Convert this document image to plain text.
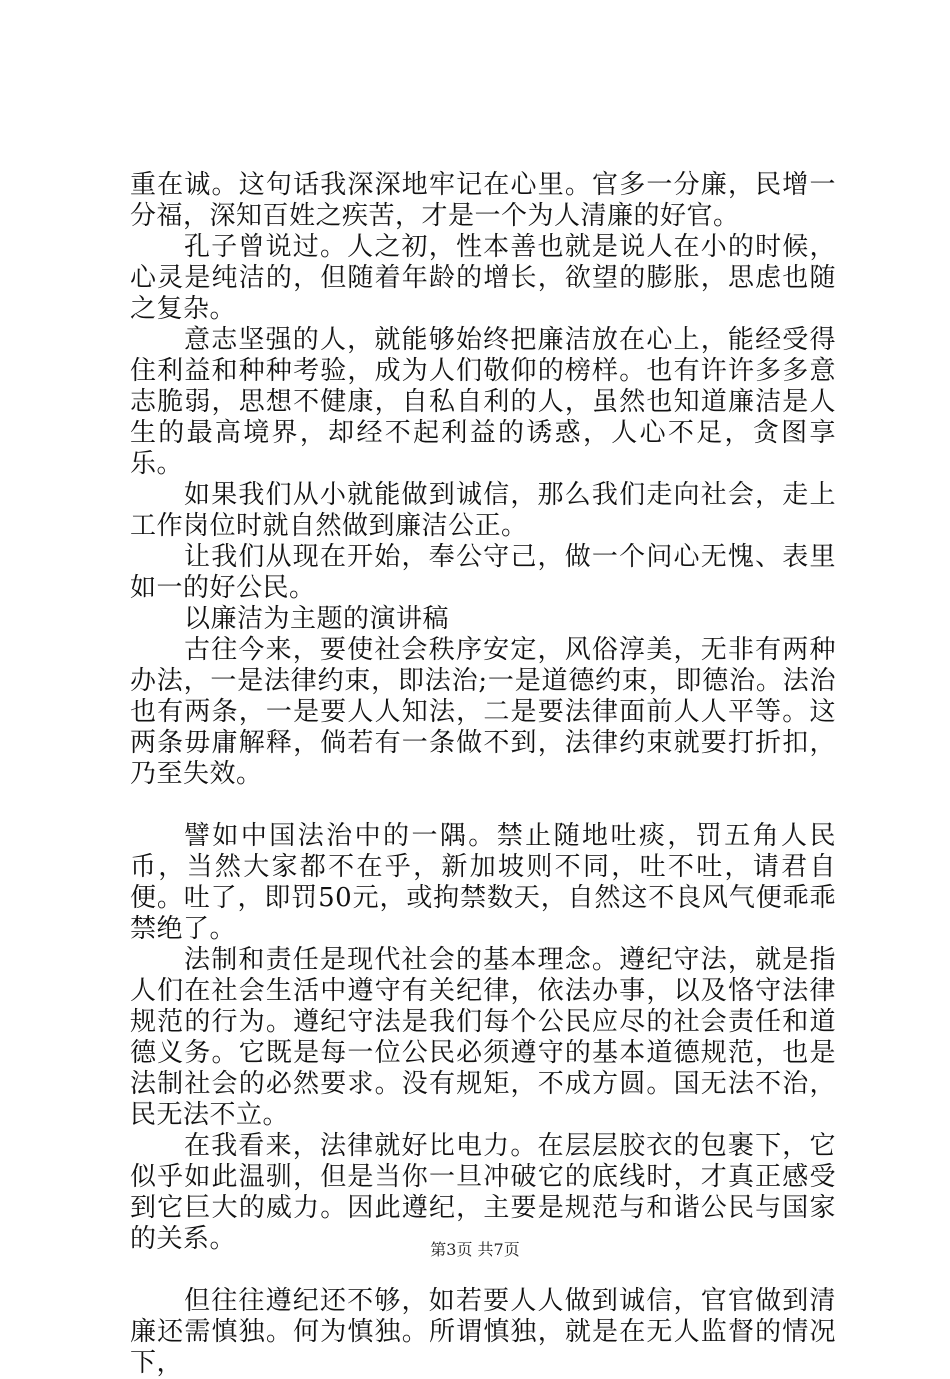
重在诚。这句话我深深地牢记在心里。官多一分廉，民增一分福，深知百姓之疾苦，才是一个为人清廉的好官。

孔子曾说过。人之初，性本善也就是说人在小的时候，心灵是纯洁的，但随着年龄的增长，欲望的膨胀，思虑也随之复杂。

意志坚强的人，就能够始终把廉洁放在心上，能经受得住利益和种种考验，成为人们敬仰的榜样。也有许许多多意志脆弱，思想不健康，自私自利的人，虽然也知道廉洁是人生的最高境界，却经不起利益的诱惑，人心不足，贪图享乐。

如果我们从小就能做到诚信，那么我们走向社会，走上工作岗位时就自然做到廉洁公正。

让我们从现在开始，奉公守己，做一个问心无愧、表里如一的好公民。

以廉洁为主题的演讲稿

古往今来，要使社会秩序安定，风俗淳美，无非有两种办法，一是法律约束，即法治;一是道德约束，即德治。法治也有两条，一是要人人知法，二是要法律面前人人平等。这两条毋庸解释，倘若有一条做不到，法律约束就要打折扣，乃至失效。

譬如中国法治中的一隅。禁止随地吐痰，罚五角人民币，当然大家都不在乎，新加坡则不同，吐不吐，请君自便。吐了，即罚50元，或拘禁数天，自然这不良风气便乖乖禁绝了。

法制和责任是现代社会的基本理念。遵纪守法，就是指人们在社会生活中遵守有关纪律，依法办事，以及恪守法律规范的行为。遵纪守法是我们每个公民应尽的社会责任和道德义务。它既是每一位公民必须遵守的基本道德规范，也是法制社会的必然要求。没有规矩，不成方圆。国无法不治，民无法不立。

在我看来，法律就好比电力。在层层胶衣的包裹下，它似乎如此温驯，但是当你一旦冲破它的底线时，才真正感受到它巨大的威力。因此遵纪，主要是规范与和谐公民与国家的关系。

但往往遵纪还不够，如若要人人做到诚信，官官做到清廉还需慎独。何为慎独。所谓慎独，就是在无人监督的情况下，

第3页 共7页
